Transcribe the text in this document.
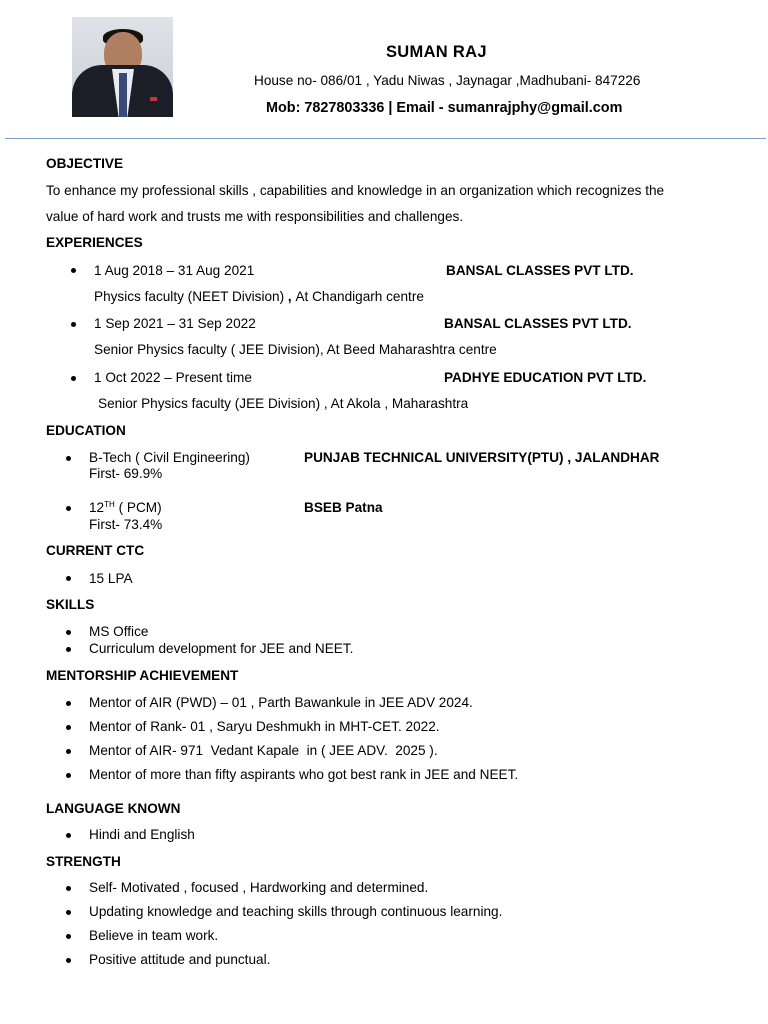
SUMAN RAJ
House no- 086/01 , Yadu Niwas , Jaynagar ,Madhubani- 847226
Mob: 7827803336 | Email - sumanrajphy@gmail.com
OBJECTIVE
To enhance my professional skills , capabilities and knowledge in an organization which recognizes the
value of hard work and trusts me with responsibilities and challenges.
EXPERIENCES
1 Aug 2018 – 31 Aug 2021	BANSAL CLASSES PVT LTD.
Physics faculty (NEET Division) , At Chandigarh centre
1 Sep 2021 – 31 Sep 2022	BANSAL CLASSES PVT LTD.
Senior Physics faculty ( JEE Division), At Beed Maharashtra centre
1 Oct 2022 – Present time	PADHYE EDUCATION PVT LTD.
Senior Physics faculty (JEE Division) , At Akola , Maharashtra
EDUCATION
B-Tech ( Civil Engineering)	PUNJAB TECHNICAL UNIVERSITY(PTU) , JALANDHAR
First- 69.9%
12TH ( PCM)	BSEB Patna
First- 73.4%
CURRENT CTC
15 LPA
SKILLS
MS Office
Curriculum development for JEE and NEET.
MENTORSHIP ACHIEVEMENT
Mentor of AIR (PWD) – 01 , Parth Bawankule in JEE ADV 2024.
Mentor of Rank- 01 , Saryu Deshmukh in MHT-CET. 2022.
Mentor of AIR- 971  Vedant Kapale  in ( JEE ADV.  2025 ).
Mentor of more than fifty aspirants who got best rank in JEE and NEET.
LANGUAGE KNOWN
Hindi and English
STRENGTH
Self- Motivated , focused , Hardworking and determined.
Updating knowledge and teaching skills through continuous learning.
Believe in team work.
Positive attitude and punctual.
